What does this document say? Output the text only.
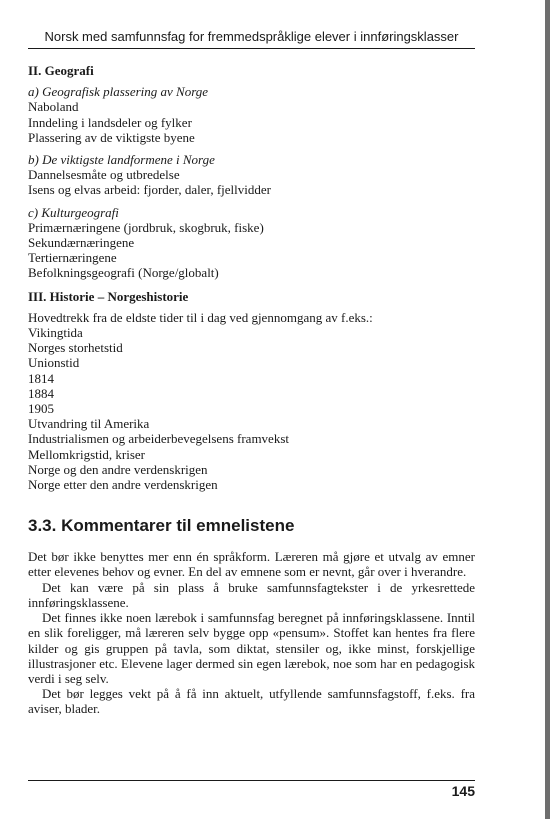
Norsk med samfunnsfag for fremmedspråklige elever i innføringsklasser

II. Geografi

a) Geografisk plassering av Norge

Naboland

Inndeling i landsdeler og fylker

Plassering av de viktigste byene

b) De viktigste landformene i Norge

Dannelsesmåte og utbredelse

Isens og elvas arbeid: fjorder, daler, fjellvidder

c) Kulturgeografi

Primærnæringene (jordbruk, skogbruk, fiske)

Sekundærnæringene

Tertiernæringene

Befolkningsgeografi (Norge/globalt)

III. Historie – Norgeshistorie

Hovedtrekk fra de eldste tider til i dag ved gjennomgang av f.eks.:

Vikingtida

Norges storhetstid

Unionstid

1814

1884

1905

Utvandring til Amerika

Industrialismen og arbeiderbevegelsens framvekst

Mellomkrigstid, kriser

Norge og den andre verdenskrigen

Norge etter den andre verdenskrigen

3.3. Kommentarer til emnelistene

Det bør ikke benyttes mer enn én språkform. Læreren må gjøre et utvalg av emner etter elevenes behov og evner. En del av emnene som er nevnt, går over i hverandre.

Det kan være på sin plass å bruke samfunnsfagtekster i de yrkesrettede innføringsklassene.

Det finnes ikke noen lærebok i samfunnsfag beregnet på innføringsklassene. Inntil en slik foreligger, må læreren selv bygge opp «pensum». Stoffet kan hentes fra flere kilder og gis gruppen på tavla, som diktat, stensiler og, ikke minst, forskjellige illustrasjoner etc. Elevene lager dermed sin egen lærebok, noe som har en pedagogisk verdi i seg selv.

Det bør legges vekt på å få inn aktuelt, utfyllende samfunnsfagstoff, f.eks. fra aviser, blader.

145
